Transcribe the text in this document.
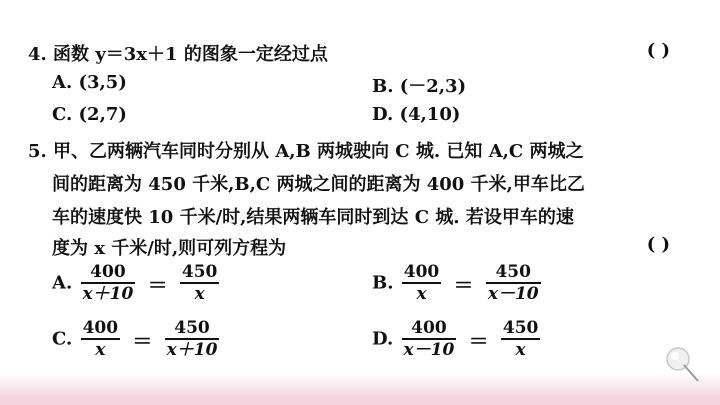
4. 函数 y＝3x＋1 的图象一定经过点	( )
A. (3,5)	B. (－2,3)
C. (2,7)	D. (4,10)
5. 甲、乙两辆汽车同时分别从 A,B 两城驶向 C 城. 已知 A,C 两城之
间的距离为 450 千米,B,C 两城之间的距离为 400 千米,甲车比乙
车的速度快 10 千米/时,结果两辆车同时到达 C 城. 若设甲车的速
度为 x 千米/时,则可列方程为	( )
A. $\frac{400}{x+10} = \frac{450}{x}$	B. $\frac{400}{x} = \frac{450}{x-10}$
C. $\frac{400}{x} = \frac{450}{x+10}$	D. $\frac{400}{x-10} = \frac{450}{x}$
